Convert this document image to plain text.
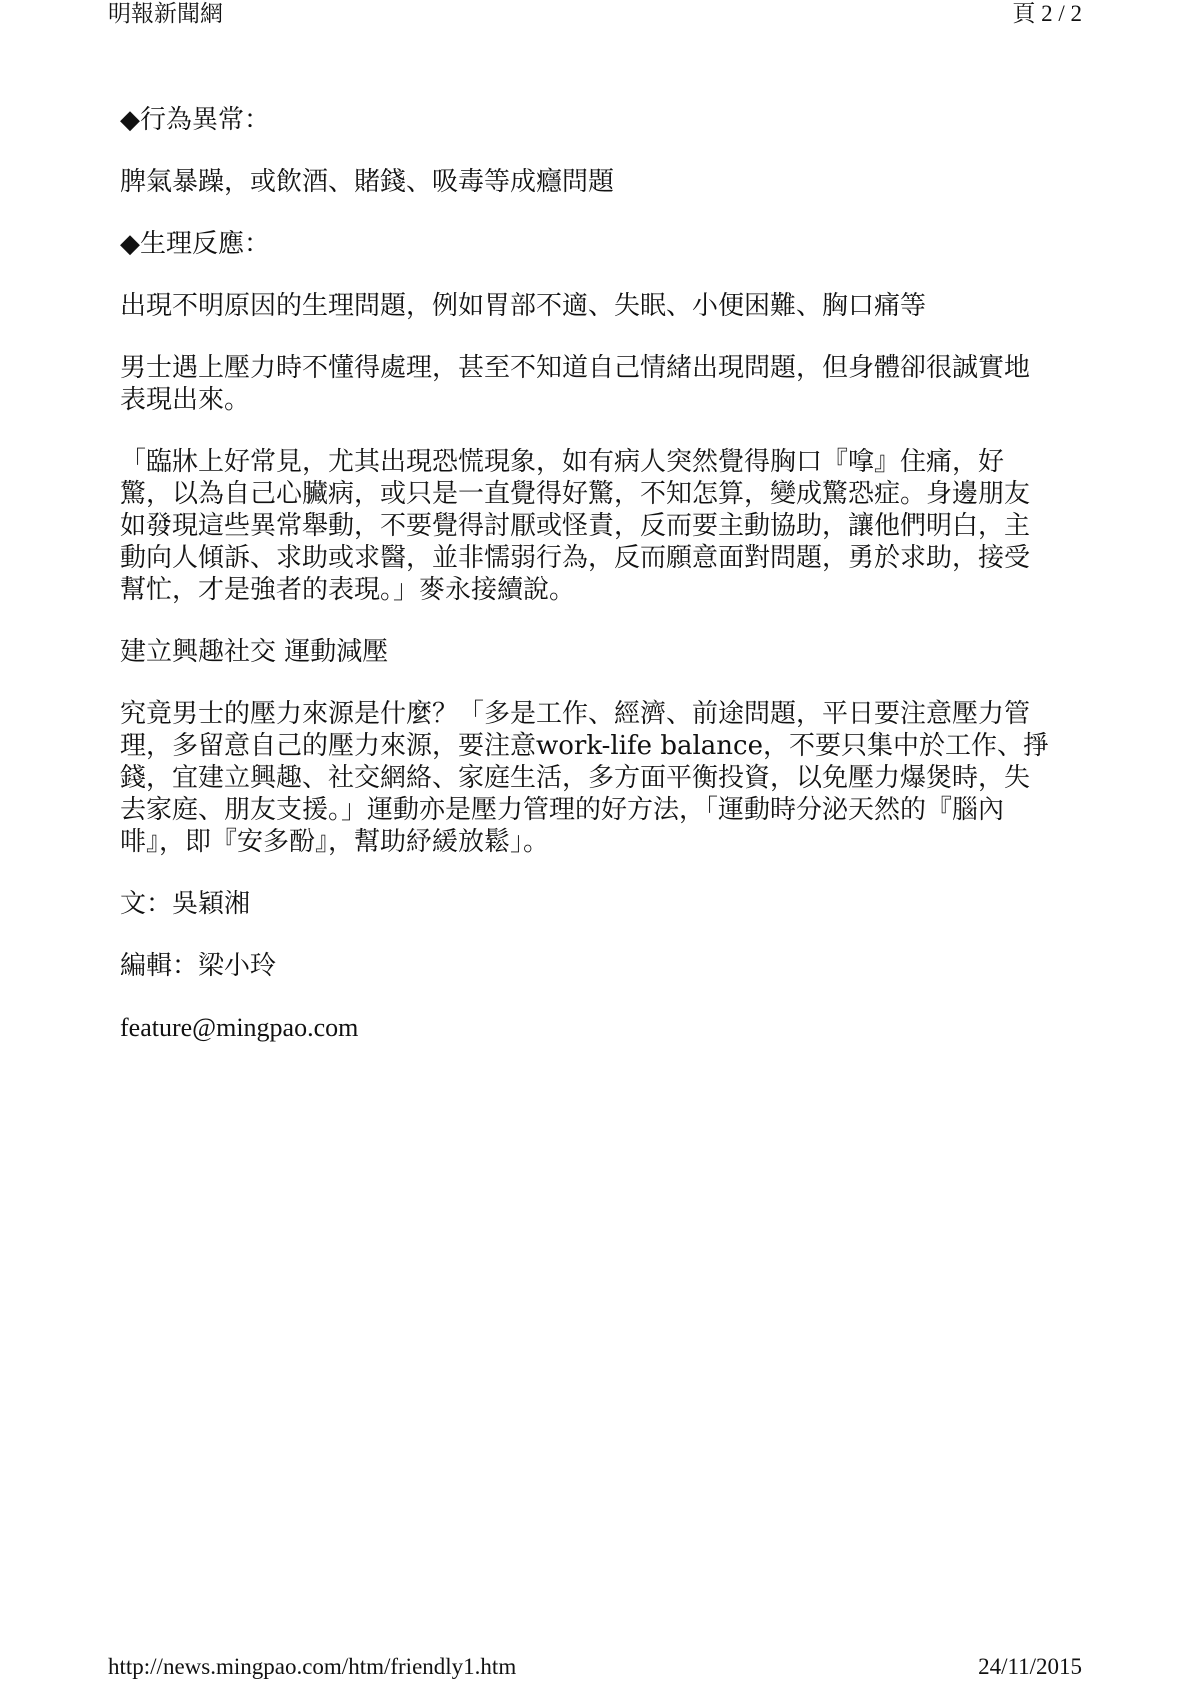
明報新聞網	頁 2 / 2

◆行為異常：

脾氣暴躁，或飲酒、賭錢、吸毒等成癮問題

◆生理反應：

出現不明原因的生理問題，例如胃部不適、失眠、小便困難、胸口痛等

男士遇上壓力時不懂得處理，甚至不知道自己情緒出現問題，但身體卻很誠實地表現出來。

「臨牀上好常見，尤其出現恐慌現象，如有病人突然覺得胸口『嗱』住痛，好驚，以為自己心臟病，或只是一直覺得好驚，不知怎算，變成驚恐症。身邊朋友如發現這些異常舉動，不要覺得討厭或怪責，反而要主動協助，讓他們明白，主動向人傾訴、求助或求醫，並非懦弱行為，反而願意面對問題，勇於求助，接受幫忙，才是強者的表現。」麥永接續說。

建立興趣社交 運動減壓

究竟男士的壓力來源是什麼？「多是工作、經濟、前途問題，平日要注意壓力管理，多留意自己的壓力來源，要注意work-life balance，不要只集中於工作、掙錢，宜建立興趣、社交網絡、家庭生活，多方面平衡投資，以免壓力爆煲時，失去家庭、朋友支援。」運動亦是壓力管理的好方法，「運動時分泌天然的『腦內啡』，即『安多酚』，幫助紓緩放鬆」。

文：吳穎湘

編輯：梁小玲

feature@mingpao.com

http://news.mingpao.com/htm/friendly1.htm	24/11/2015
